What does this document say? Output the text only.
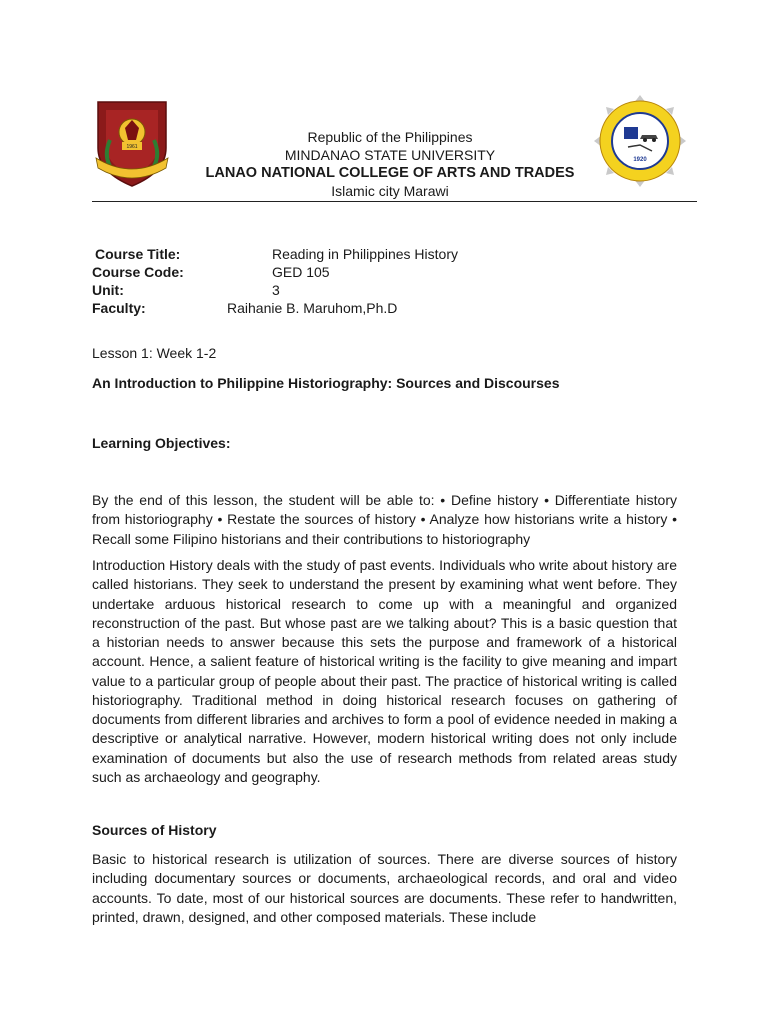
1961
Republic of the Philippines
MINDANAO STATE UNIVERSITY
LANAO NATIONAL COLLEGE OF ARTS AND TRADES
Islamic city Marawi
1920
Course Title:	Reading in Philippines History
Course Code:	GED 105
Unit:	3
Faculty:	Raihanie B. Maruhom,Ph.D
Lesson 1: Week 1-2
An Introduction to Philippine Historiography: Sources and Discourses
Learning Objectives:

By the end of this lesson, the student will be able to: • Define history • Differentiate history from historiography • Restate the sources of history • Analyze how historians write a history • Recall some Filipino historians and their contributions to historiography

Introduction History deals with the study of past events. Individuals who write about history are called historians. They seek to understand the present by examining what went before. They undertake arduous historical research to come up with a meaningful and organized reconstruction of the past. But whose past are we talking about? This is a basic question that a historian needs to answer because this sets the purpose and framework of a historical account. Hence, a salient feature of historical writing is the facility to give meaning and impart value to a particular group of people about their past. The practice of historical writing is called historiography. Traditional method in doing historical research focuses on gathering of documents from different libraries and archives to form a pool of evidence needed in making a descriptive or analytical narrative. However, modern historical writing does not only include examination of documents but also the use of research methods from related areas study such as archaeology and geography.

Sources of History

Basic to historical research is utilization of sources. There are diverse sources of history including documentary sources or documents, archaeological records, and oral and video accounts. To date, most of our historical sources are documents. These refer to handwritten, printed, drawn, designed, and other composed materials. These include
